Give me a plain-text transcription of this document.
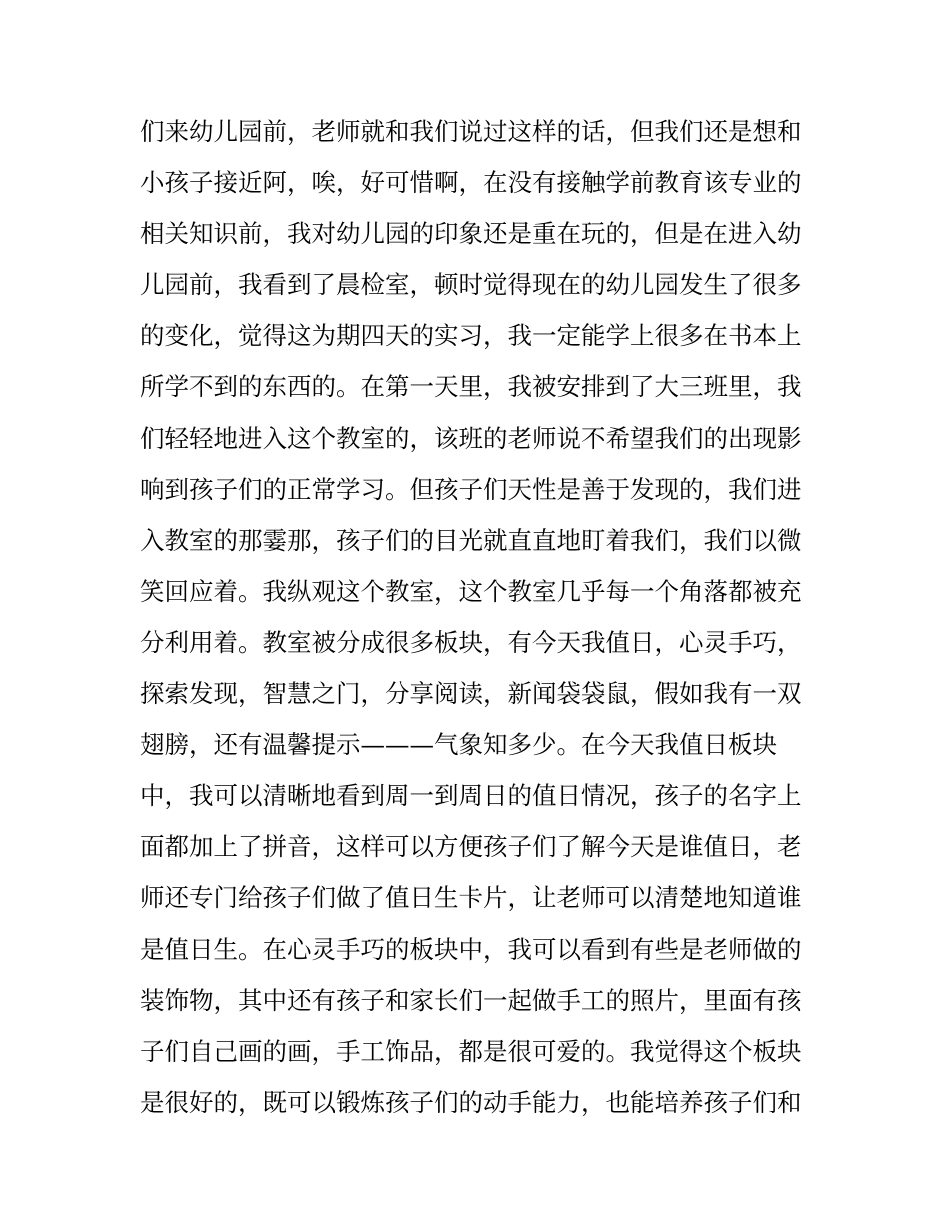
们来幼儿园前，老师就和我们说过这样的话，但我们还是想和
小孩子接近阿，唉，好可惜啊，在没有接触学前教育该专业的
相关知识前，我对幼儿园的印象还是重在玩的，但是在进入幼
儿园前，我看到了晨检室，顿时觉得现在的幼儿园发生了很多
的变化，觉得这为期四天的实习，我一定能学上很多在书本上
所学不到的东西的。在第一天里，我被安排到了大三班里，我
们轻轻地进入这个教室的，该班的老师说不希望我们的出现影
响到孩子们的正常学习。但孩子们天性是善于发现的，我们进
入教室的那霎那，孩子们的目光就直直地盯着我们，我们以微
笑回应着。我纵观这个教室，这个教室几乎每一个角落都被充
分利用着。教室被分成很多板块，有今天我值日，心灵手巧，
探索发现，智慧之门，分享阅读，新闻袋袋鼠，假如我有一双
翅膀，还有温馨提示———气象知多少。在今天我值日板块
中，我可以清晰地看到周一到周日的值日情况，孩子的名字上
面都加上了拼音，这样可以方便孩子们了解今天是谁值日，老
师还专门给孩子们做了值日生卡片，让老师可以清楚地知道谁
是值日生。在心灵手巧的板块中，我可以看到有些是老师做的
装饰物，其中还有孩子和家长们一起做手工的照片，里面有孩
子们自己画的画，手工饰品，都是很可爱的。我觉得这个板块
是很好的，既可以锻炼孩子们的动手能力，也能培养孩子们和
